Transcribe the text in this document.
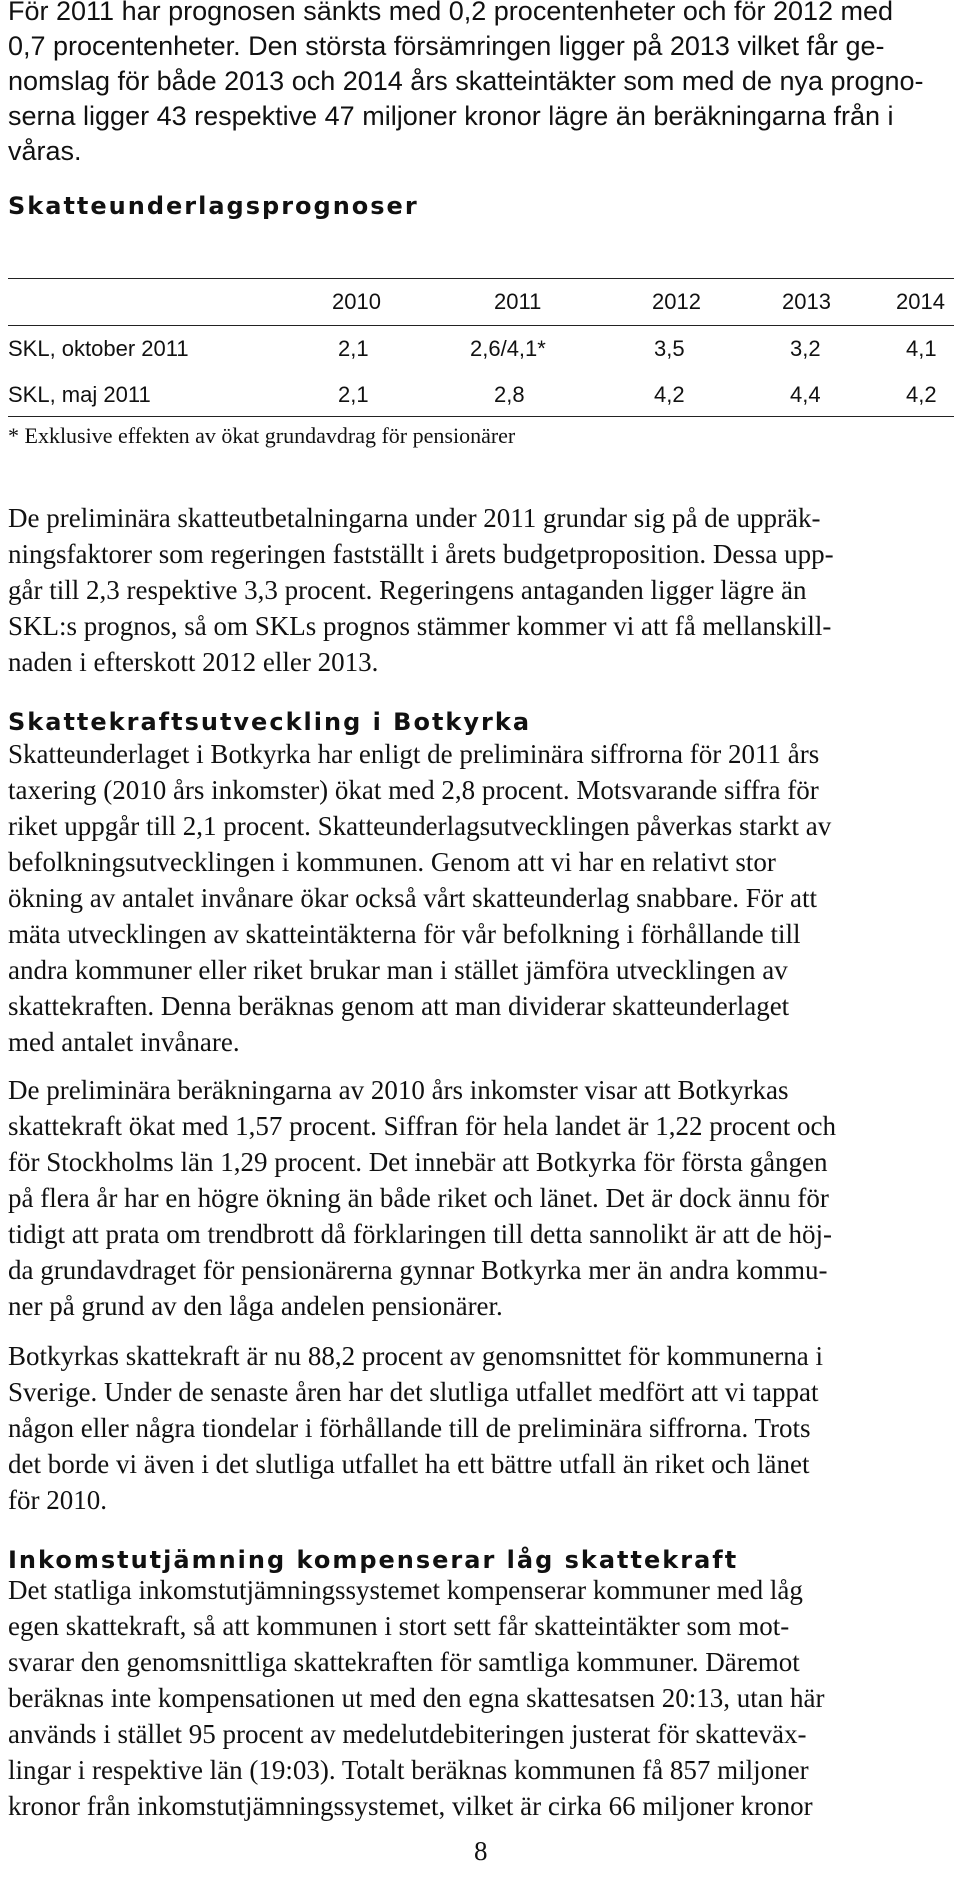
För 2011 har prognosen sänkts med 0,2 procentenheter och för 2012 med
0,7 procentenheter. Den största försämringen ligger på 2013 vilket får ge-
nomslag för både 2013 och 2014 års skatteintäkter som med de nya progno-
serna ligger 43 respektive 47 miljoner kronor lägre än beräkningarna från i
våras.
Skatteunderlagsprognoser
2010	2011	2012	2013	2014
SKL, oktober 2011	2,1	2,6/4,1*	3,5	3,2	4,1
SKL, maj 2011	2,1	2,8	4,2	4,4	4,2
* Exklusive effekten av ökat grundavdrag för pensionärer
De preliminära skatteutbetalningarna under 2011 grundar sig på de uppräk-
ningsfaktorer som regeringen fastställt i årets budgetproposition. Dessa upp-
går till 2,3 respektive 3,3 procent. Regeringens antaganden ligger lägre än
SKL:s prognos, så om SKLs prognos stämmer kommer vi att få mellanskill-
naden i efterskott 2012 eller 2013.
Skattekraftsutveckling i Botkyrka
Skatteunderlaget i Botkyrka har enligt de preliminära siffrorna för 2011 års
taxering (2010 års inkomster) ökat med 2,8 procent. Motsvarande siffra för
riket uppgår till 2,1 procent. Skatteunderlagsutvecklingen påverkas starkt av
befolkningsutvecklingen i kommunen. Genom att vi har en relativt stor
ökning av antalet invånare ökar också vårt skatteunderlag snabbare. För att
mäta utvecklingen av skatteintäkterna för vår befolkning i förhållande till
andra kommuner eller riket brukar man i stället jämföra utvecklingen av
skattekraften. Denna beräknas genom att man dividerar skatteunderlaget
med antalet invånare.
De preliminära beräkningarna av 2010 års inkomster visar att Botkyrkas
skattekraft ökat med 1,57 procent. Siffran för hela landet är 1,22 procent och
för Stockholms län 1,29 procent. Det innebär att Botkyrka för första gången
på flera år har en högre ökning än både riket och länet. Det är dock ännu för
tidigt att prata om trendbrott då förklaringen till detta sannolikt är att de höj-
da grundavdraget för pensionärerna gynnar Botkyrka mer än andra kommu-
ner på grund av den låga andelen pensionärer.
Botkyrkas skattekraft är nu 88,2 procent av genomsnittet för kommunerna i
Sverige. Under de senaste åren har det slutliga utfallet medfört att vi tappat
någon eller några tiondelar i förhållande till de preliminära siffrorna. Trots
det borde vi även i det slutliga utfallet ha ett bättre utfall än riket och länet
för 2010.
Inkomstutjämning kompenserar låg skattekraft
Det statliga inkomstutjämningssystemet kompenserar kommuner med låg
egen skattekraft, så att kommunen i stort sett får skatteintäkter som mot-
svarar den genomsnittliga skattekraften för samtliga kommuner. Däremot
beräknas inte kompensationen ut med den egna skattesatsen 20:13, utan här
används i stället 95 procent av medelutdebiteringen justerat för skatteväx-
lingar i respektive län (19:03). Totalt beräknas kommunen få 857 miljoner
kronor från inkomstutjämningssystemet, vilket är cirka 66 miljoner kronor
8
